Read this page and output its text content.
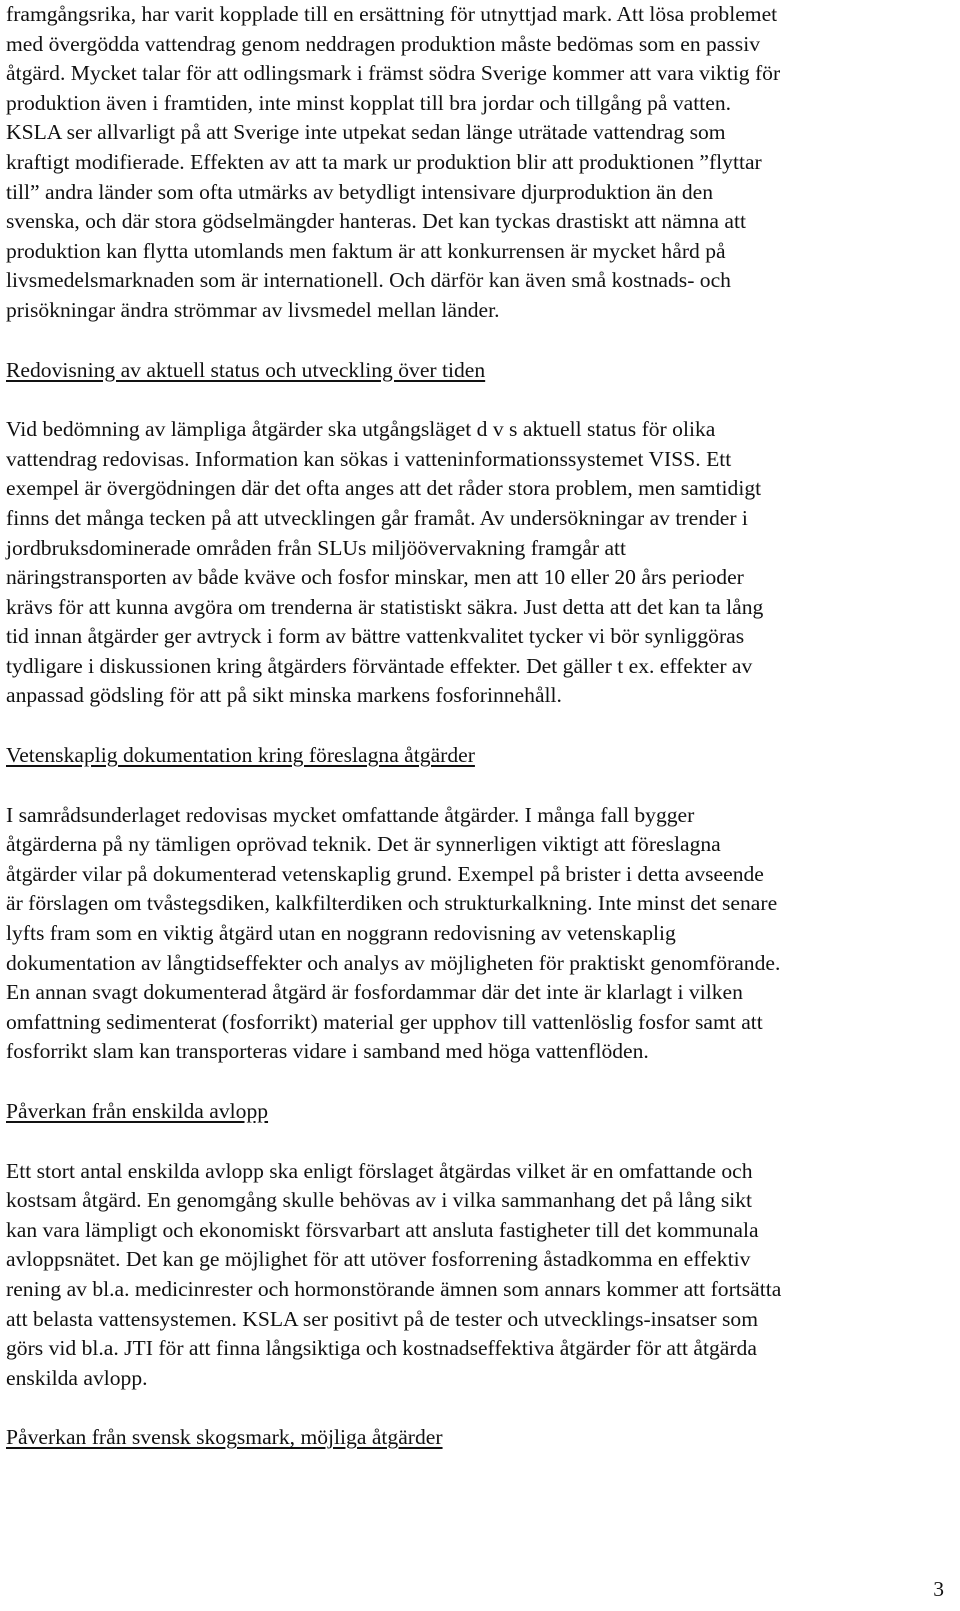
framgångsrika, har varit kopplade till en ersättning för utnyttjad mark. Att lösa problemet
med övergödda vattendrag genom neddragen produktion måste bedömas som en passiv
åtgärd. Mycket talar för att odlingsmark i främst södra Sverige kommer att vara viktig för
produktion även i framtiden, inte minst kopplat till bra jordar och tillgång på vatten.
KSLA ser allvarligt på att Sverige inte utpekat sedan länge uträtade vattendrag som
kraftigt modifierade. Effekten av att ta mark ur produktion blir att produktionen ”flyttar
till” andra länder som ofta utmärks av betydligt intensivare djurproduktion än den
svenska, och där stora gödselmängder hanteras. Det kan tyckas drastiskt att nämna att
produktion kan flytta utomlands men faktum är att konkurrensen är mycket hård på
livsmedelsmarknaden som är internationell. Och därför kan även små kostnads- och
prisökningar ändra strömmar av livsmedel mellan länder.

Redovisning av aktuell status och utveckling över tiden

Vid bedömning av lämpliga åtgärder ska utgångsläget d v s aktuell status för olika
vattendrag redovisas. Information kan sökas i vatteninformationssystemet VISS. Ett
exempel är övergödningen där det ofta anges att det råder stora problem, men samtidigt
finns det många tecken på att utvecklingen går framåt. Av undersökningar av trender i
jordbruksdominerade områden från SLUs miljöövervakning framgår att
näringstransporten av både kväve och fosfor minskar, men att 10 eller 20 års perioder
krävs för att kunna avgöra om trenderna är statistiskt säkra. Just detta att det kan ta lång
tid innan åtgärder ger avtryck i form av bättre vattenkvalitet tycker vi bör synliggöras
tydligare i diskussionen kring åtgärders förväntade effekter. Det gäller t ex. effekter av
anpassad gödsling för att på sikt minska markens fosforinnehåll.

Vetenskaplig dokumentation kring föreslagna åtgärder

I samrådsunderlaget redovisas mycket omfattande åtgärder. I många fall bygger
åtgärderna på ny tämligen oprövad teknik. Det är synnerligen viktigt att föreslagna
åtgärder vilar på dokumenterad vetenskaplig grund. Exempel på brister i detta avseende
är förslagen om tvåstegsdiken, kalkfilterdiken och strukturkalkning. Inte minst det senare
lyfts fram som en viktig åtgärd utan en noggrann redovisning av vetenskaplig
dokumentation av långtidseffekter och analys av möjligheten för praktiskt genomförande.
En annan svagt dokumenterad åtgärd är fosfordammar där det inte är klarlagt i vilken
omfattning sedimenterat (fosforrikt) material ger upphov till vattenlöslig fosfor samt att
fosforrikt slam kan transporteras vidare i samband med höga vattenflöden.

Påverkan från enskilda avlopp

Ett stort antal enskilda avlopp ska enligt förslaget åtgärdas vilket är en omfattande och
kostsam åtgärd. En genomgång skulle behövas av i vilka sammanhang det på lång sikt
kan vara lämpligt och ekonomiskt försvarbart att ansluta fastigheter till det kommunala
avloppsnätet. Det kan ge möjlighet för att utöver fosforrening åstadkomma en effektiv
rening av bl.a. medicinrester och hormonstörande ämnen som annars kommer att fortsätta
att belasta vattensystemen. KSLA ser positivt på de tester och utvecklings-insatser som
görs vid bl.a. JTI för att finna långsiktiga och kostnadseffektiva åtgärder för att åtgärda
enskilda avlopp.

Påverkan från svensk skogsmark, möjliga åtgärder

3
